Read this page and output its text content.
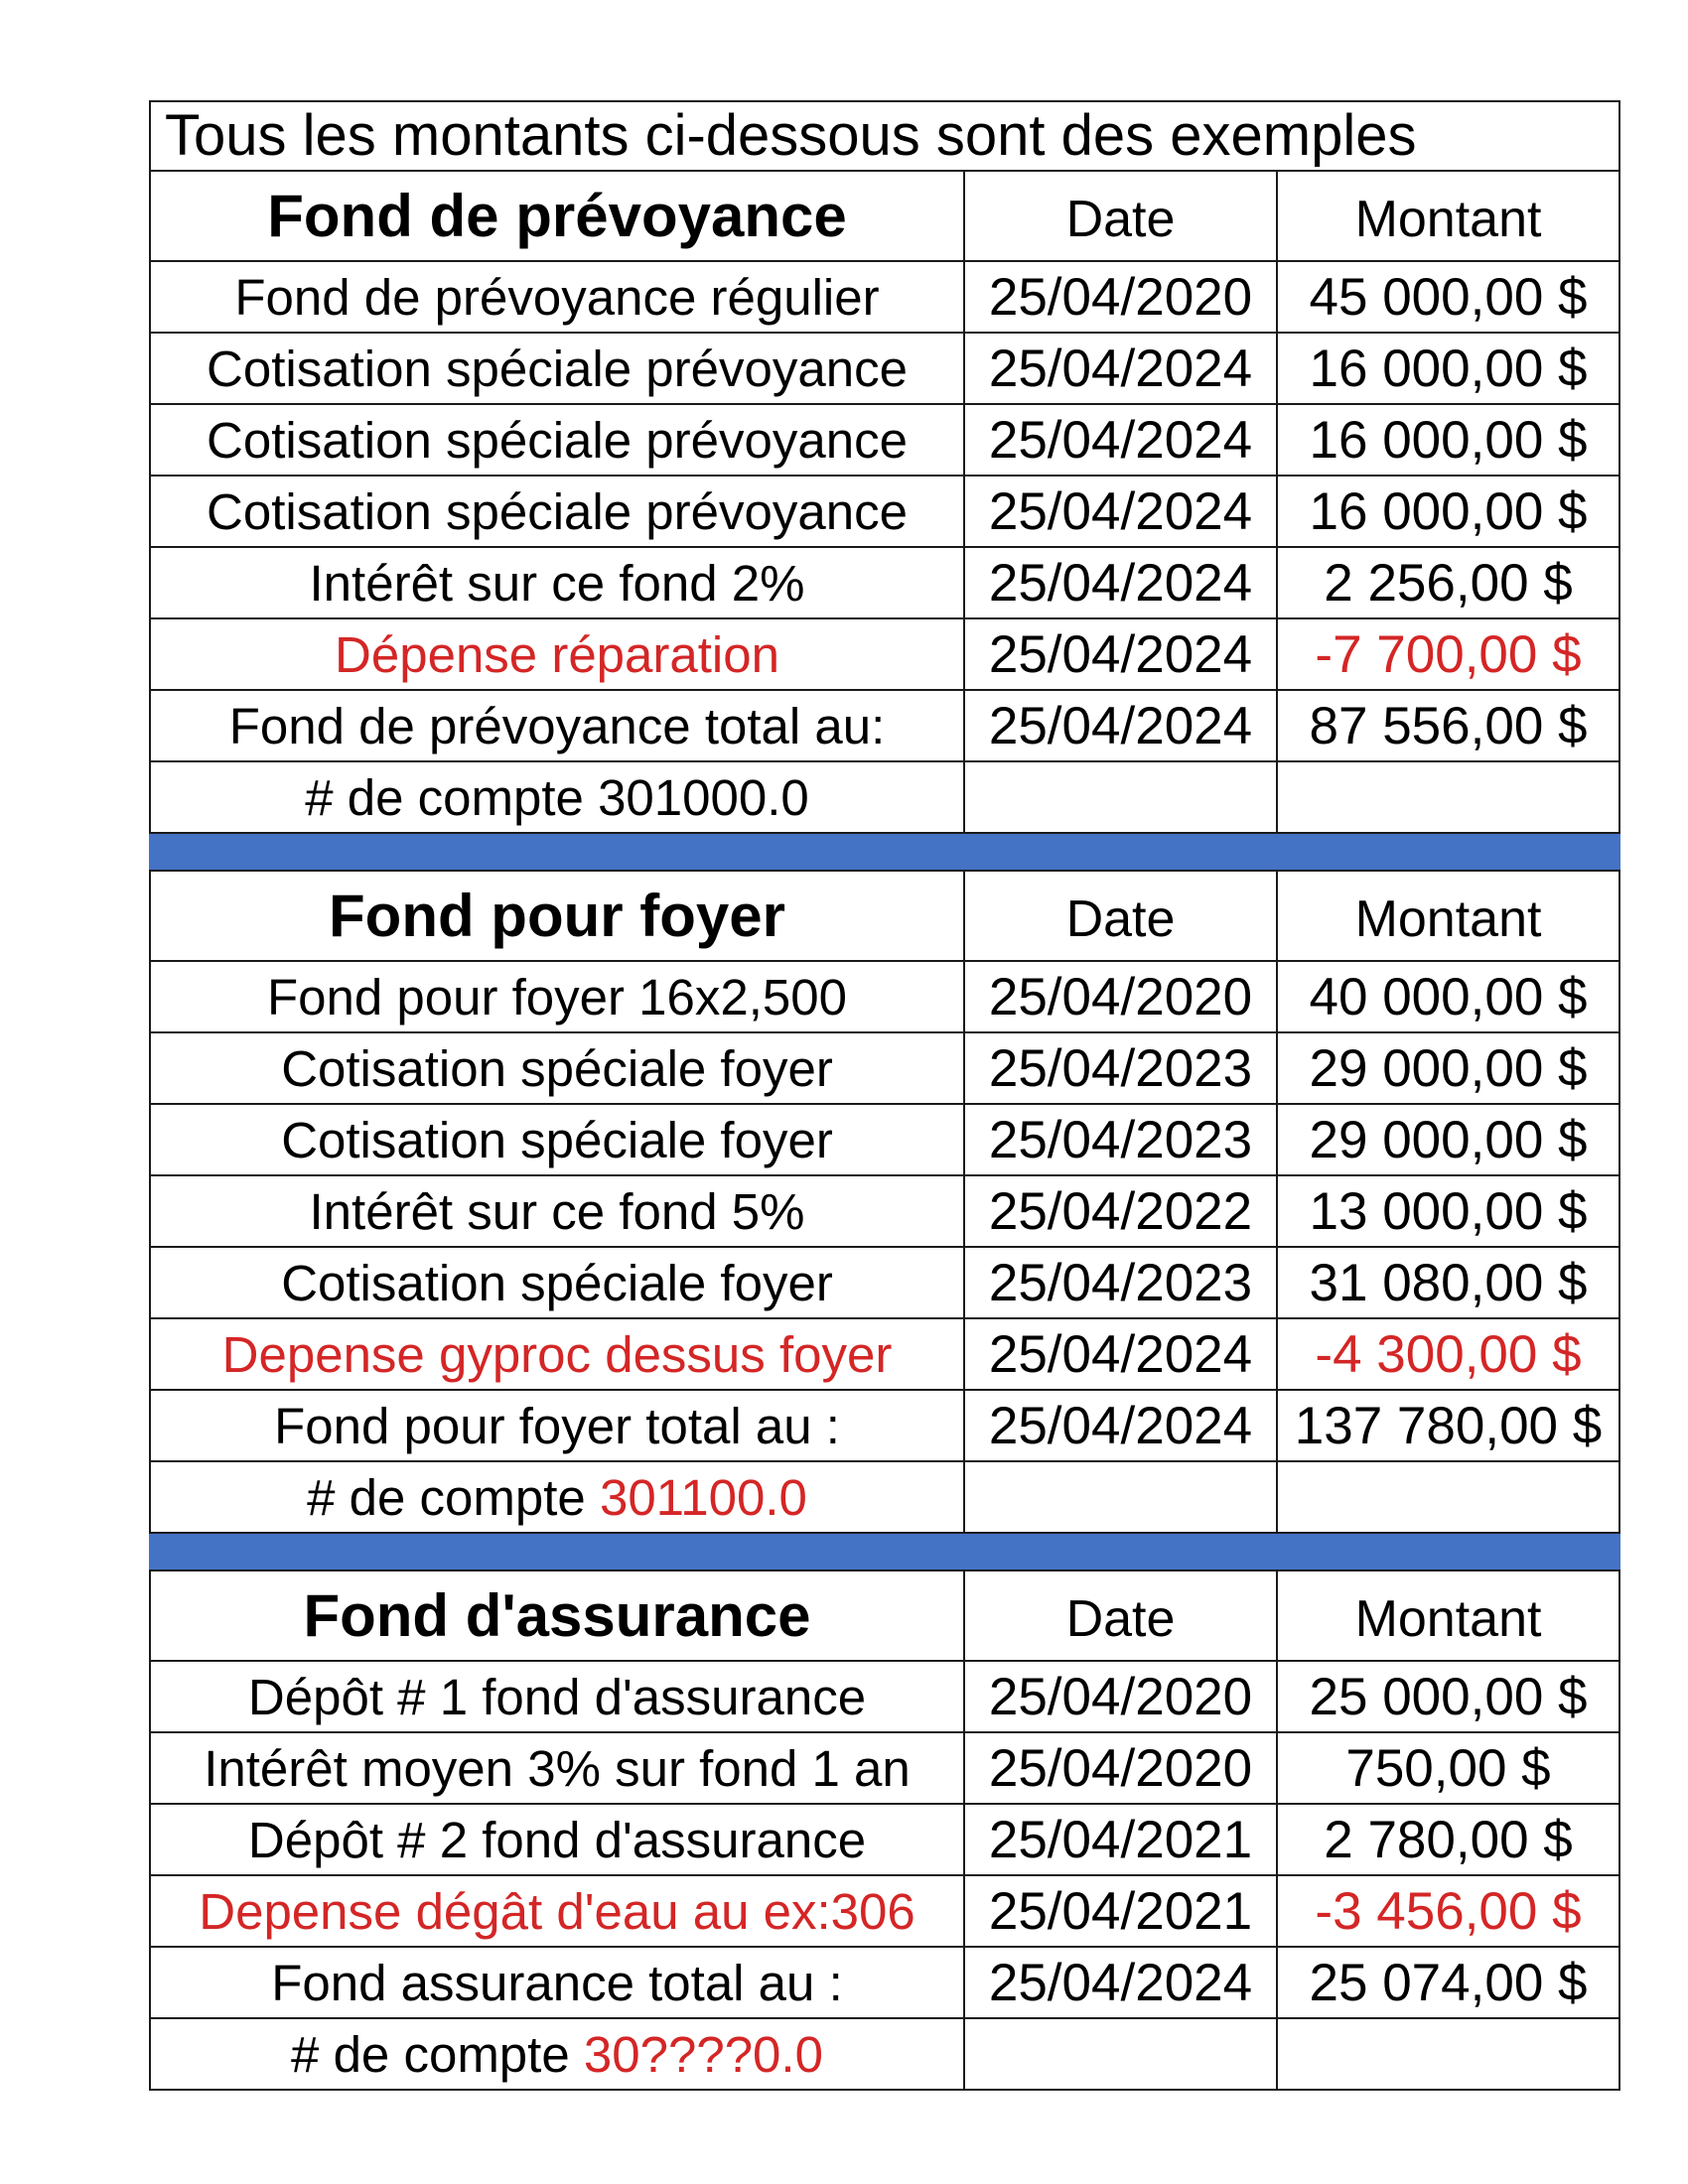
Tous les montants ci-dessous sont des exemples		
Fond de prévoyance	Date	Montant
Fond de prévoyance régulier	25/04/2020	45 000,00 $
Cotisation spéciale prévoyance	25/04/2024	16 000,00 $
Cotisation spéciale prévoyance	25/04/2024	16 000,00 $
Cotisation spéciale prévoyance	25/04/2024	16 000,00 $
Intérêt sur ce fond 2%	25/04/2024	2 256,00 $
Dépense réparation	25/04/2024	-7 700,00 $
Fond de prévoyance total au:	25/04/2024	87 556,00 $
# de compte 301000.0		

Fond pour foyer	Date	Montant
Fond pour foyer 16x2,500	25/04/2020	40 000,00 $
Cotisation spéciale foyer	25/04/2023	29 000,00 $
Cotisation spéciale foyer	25/04/2023	29 000,00 $
Intérêt sur ce fond 5%	25/04/2022	13 000,00 $
Cotisation spéciale foyer	25/04/2023	31 080,00 $
Depense gyproc dessus foyer	25/04/2024	-4 300,00 $
Fond pour foyer total au :	25/04/2024	137 780,00 $
# de compte 301100.0		

Fond d'assurance	Date	Montant
Dépôt # 1 fond d'assurance	25/04/2020	25 000,00 $
Intérêt moyen 3% sur fond 1 an	25/04/2020	750,00 $
Dépôt # 2 fond d'assurance	25/04/2021	2 780,00 $
Depense dégât d'eau au ex:306	25/04/2021	-3 456,00 $
Fond assurance total au :	25/04/2024	25 074,00 $
# de compte 30????0.0		
